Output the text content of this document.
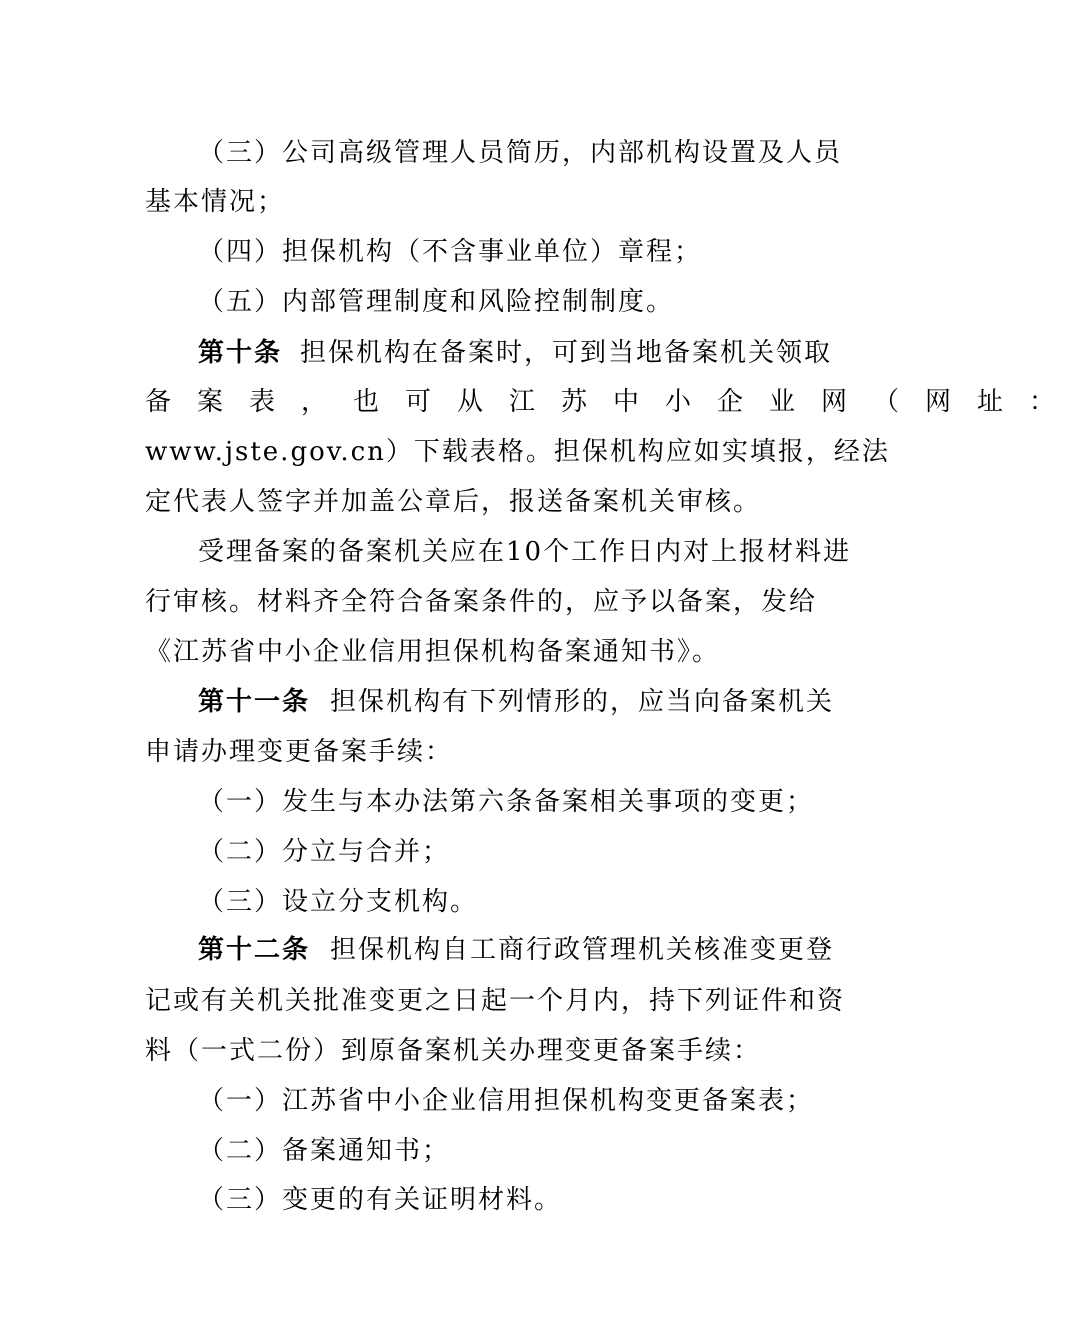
（三）公司高级管理人员简历，内部机构设置及人员
基本情况；
（四）担保机构（不含事业单位）章程；
（五）内部管理制度和风险控制制度。
第十条 担保机构在备案时，可到当地备案机关领取
备案表，也可从江苏中小企业网（网址：
www.jste.gov.cn）下载表格。担保机构应如实填报，经法
定代表人签字并加盖公章后，报送备案机关审核。
受理备案的备案机关应在10个工作日内对上报材料进
行审核。材料齐全符合备案条件的，应予以备案，发给
《江苏省中小企业信用担保机构备案通知书》。
第十一条 担保机构有下列情形的，应当向备案机关
申请办理变更备案手续：
（一）发生与本办法第六条备案相关事项的变更；
（二）分立与合并；
（三）设立分支机构。
第十二条 担保机构自工商行政管理机关核准变更登
记或有关机关批准变更之日起一个月内，持下列证件和资
料（一式二份）到原备案机关办理变更备案手续：
（一）江苏省中小企业信用担保机构变更备案表；
（二）备案通知书；
（三）变更的有关证明材料。
